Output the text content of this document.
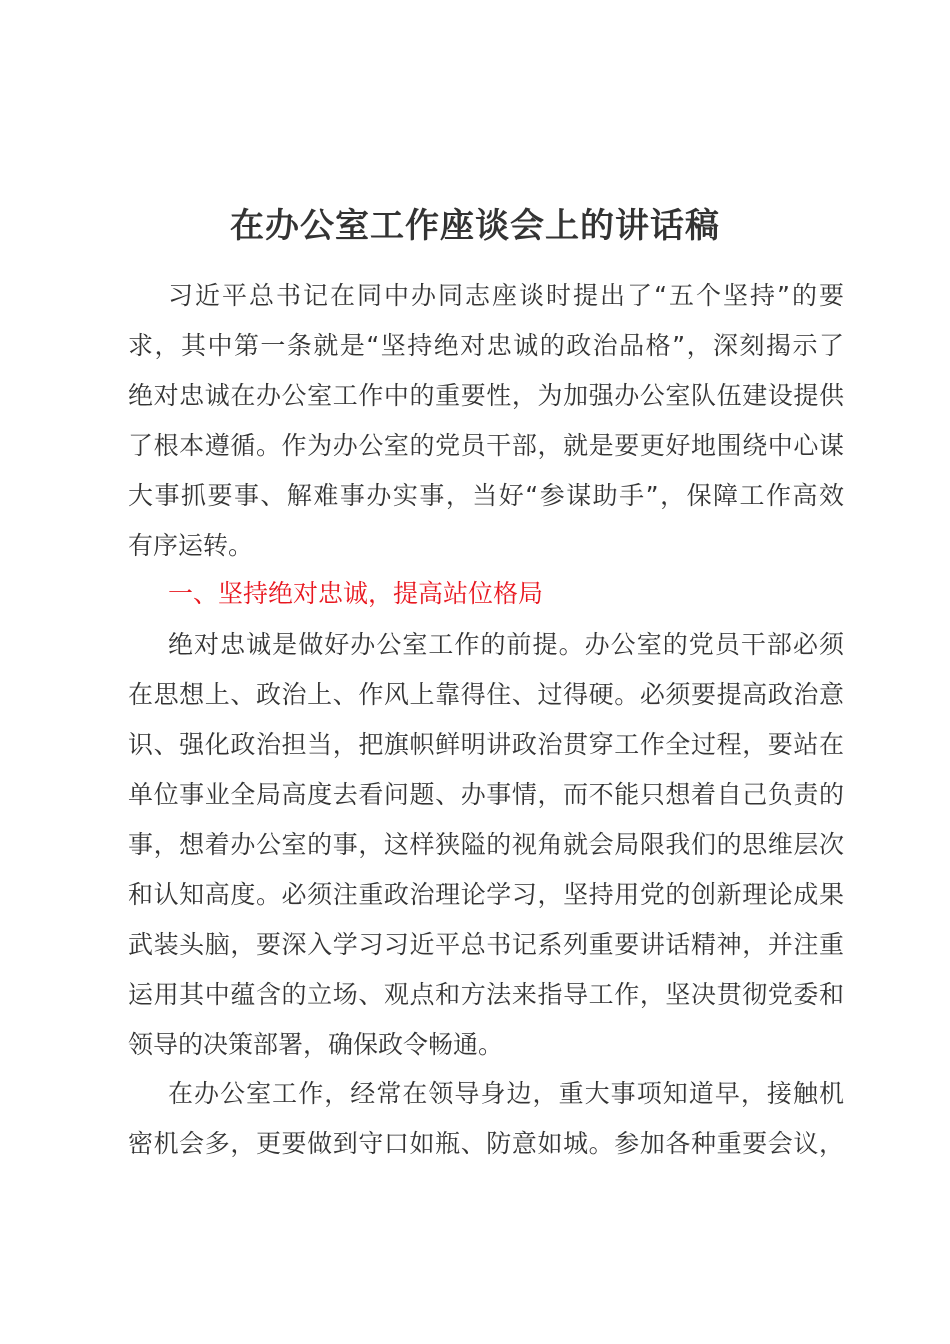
在办公室工作座谈会上的讲话稿
习近平总书记在同中办同志座谈时提出了“五个坚持”的要
求，其中第一条就是“坚持绝对忠诚的政治品格”，深刻揭示了
绝对忠诚在办公室工作中的重要性，为加强办公室队伍建设提供
了根本遵循。作为办公室的党员干部，就是要更好地围绕中心谋
大事抓要事、解难事办实事，当好“参谋助手”，保障工作高效
有序运转。
一、坚持绝对忠诚，提高站位格局
绝对忠诚是做好办公室工作的前提。办公室的党员干部必须
在思想上、政治上、作风上靠得住、过得硬。必须要提高政治意
识、强化政治担当，把旗帜鲜明讲政治贯穿工作全过程，要站在
单位事业全局高度去看问题、办事情，而不能只想着自己负责的
事，想着办公室的事，这样狭隘的视角就会局限我们的思维层次
和认知高度。必须注重政治理论学习，坚持用党的创新理论成果
武装头脑，要深入学习习近平总书记系列重要讲话精神，并注重
运用其中蕴含的立场、观点和方法来指导工作，坚决贯彻党委和
领导的决策部署，确保政令畅通。
在办公室工作，经常在领导身边，重大事项知道早，接触机
密机会多，更要做到守口如瓶、防意如城。参加各种重要会议，
